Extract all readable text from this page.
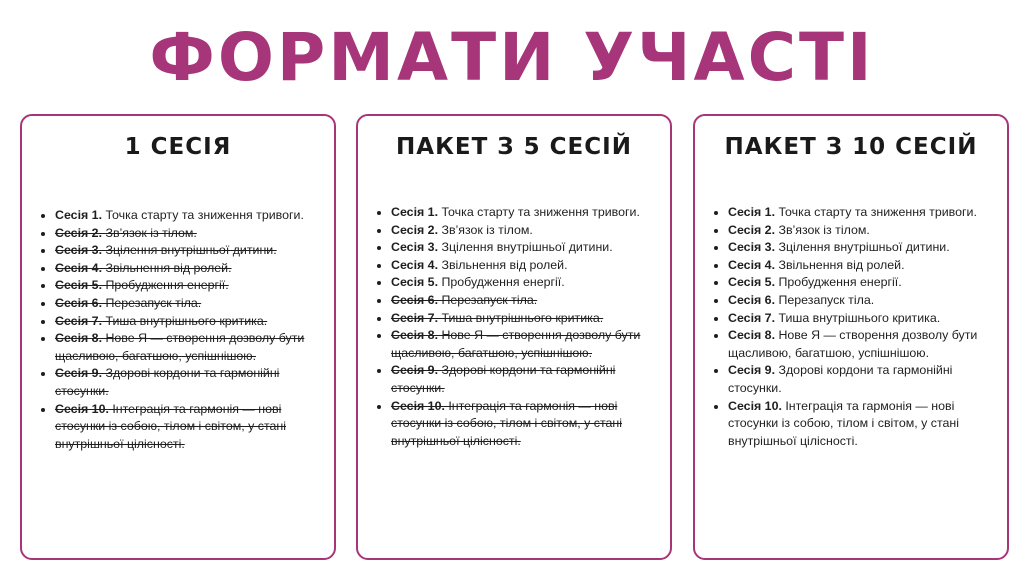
ФОРМАТИ УЧАСТІ
1 СЕСІЯ
• Сесія 1. Точка старту та зниження тривоги.
• Сесія 2. Зв’язок із тілом.
• Сесія 3. Зцілення внутрішньої дитини.
• Сесія 4. Звільнення від ролей.
• Сесія 5. Пробудження енергії.
• Сесія 6. Перезапуск тіла.
• Сесія 7. Тиша внутрішнього критика.
• Сесія 8. Нове Я — створення дозволу бути щасливою, багатшою, успішнішою.
• Сесія 9. Здорові кордони та гармонійні стосунки.
• Сесія 10. Інтеграція та гармонія — нові стосунки із собою, тілом і світом, у стані внутрішньої цілісності.
ПАКЕТ З 5 СЕСІЙ
• Сесія 1. Точка старту та зниження тривоги.
• Сесія 2. Зв’язок із тілом.
• Сесія 3. Зцілення внутрішньої дитини.
• Сесія 4. Звільнення від ролей.
• Сесія 5. Пробудження енергії.
• Сесія 6. Перезапуск тіла.
• Сесія 7. Тиша внутрішнього критика.
• Сесія 8. Нове Я — створення дозволу бути щасливою, багатшою, успішнішою.
• Сесія 9. Здорові кордони та гармонійні стосунки.
• Сесія 10. Інтеграція та гармонія — нові стосунки із собою, тілом і світом, у стані внутрішньої цілісності.
ПАКЕТ З 10 СЕСІЙ
• Сесія 1. Точка старту та зниження тривоги.
• Сесія 2. Зв’язок із тілом.
• Сесія 3. Зцілення внутрішньої дитини.
• Сесія 4. Звільнення від ролей.
• Сесія 5. Пробудження енергії.
• Сесія 6. Перезапуск тіла.
• Сесія 7. Тиша внутрішнього критика.
• Сесія 8. Нове Я — створення дозволу бути щасливою, багатшою, успішнішою.
• Сесія 9. Здорові кордони та гармонійні стосунки.
• Сесія 10. Інтеграція та гармонія — нові стосунки із собою, тілом і світом, у стані внутрішньої цілісності.
